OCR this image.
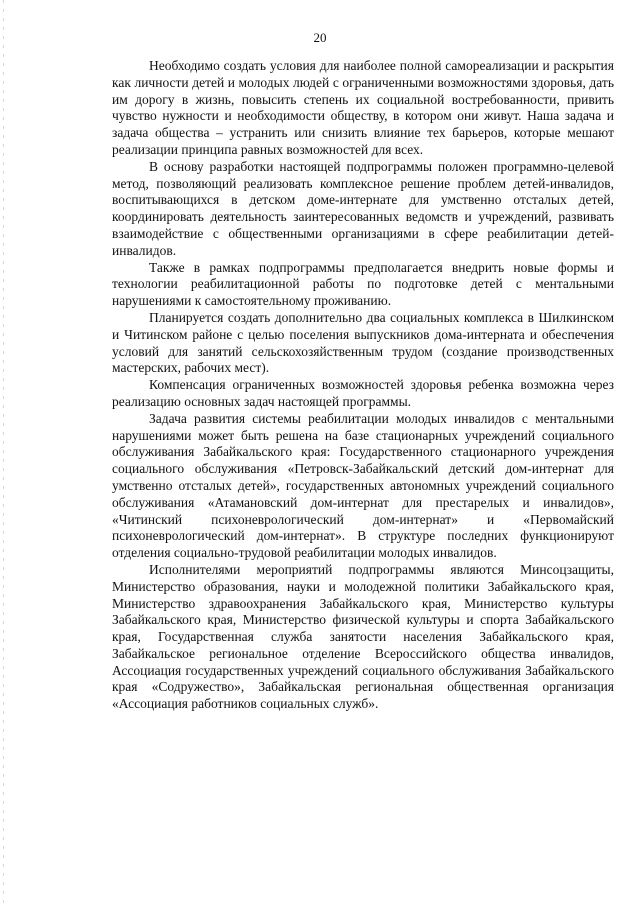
20

Необходимо создать условия для наиболее полной самореализации и раскрытия как личности детей и молодых людей с ограниченными возможностями здоровья, дать им дорогу в жизнь, повысить степень их социальной востребованности, привить чувство нужности и необходимости обществу, в котором они живут. Наша задача и задача общества – устранить или снизить влияние тех барьеров, которые мешают реализации принципа равных возможностей для всех.

В основу разработки настоящей подпрограммы положен программно-целевой метод, позволяющий реализовать комплексное решение проблем детей-инвалидов, воспитывающихся в детском доме-интернате для умственно отсталых детей, координировать деятельность заинтересованных ведомств и учреждений, развивать взаимодействие с общественными организациями в сфере реабилитации детей-инвалидов.

Также в рамках подпрограммы предполагается внедрить новые формы и технологии реабилитационной работы по подготовке детей с ментальными нарушениями к самостоятельному проживанию.

Планируется создать дополнительно два социальных комплекса в Шилкинском и Читинском районе с целью поселения выпускников дома-интерната и обеспечения условий для занятий сельскохозяйственным трудом (создание производственных мастерских, рабочих мест).

Компенсация ограниченных возможностей здоровья ребенка возможна через реализацию основных задач настоящей программы.

Задача развития системы реабилитации молодых инвалидов с ментальными нарушениями может быть решена на базе стационарных учреждений социального обслуживания Забайкальского края: Государственного стационарного учреждения социального обслуживания «Петровск-Забайкальский детский дом-интернат для умственно отсталых детей», государственных автономных учреждений социального обслуживания «Атамановский дом-интернат для престарелых и инвалидов», «Читинский психоневрологический дом-интернат» и «Первомайский психоневрологический дом-интернат». В структуре последних функционируют отделения социально-трудовой реабилитации молодых инвалидов.

Исполнителями мероприятий подпрограммы являются Минсоцзащиты, Министерство образования, науки и молодежной политики Забайкальского края, Министерство здравоохранения Забайкальского края, Министерство культуры Забайкальского края, Министерство физической культуры и спорта Забайкальского края, Государственная служба занятости населения Забайкальского края, Забайкальское региональное отделение Всероссийского общества инвалидов, Ассоциация государственных учреждений социального обслуживания Забайкальского края «Содружество», Забайкальская региональная общественная организация «Ассоциация работников социальных служб».
